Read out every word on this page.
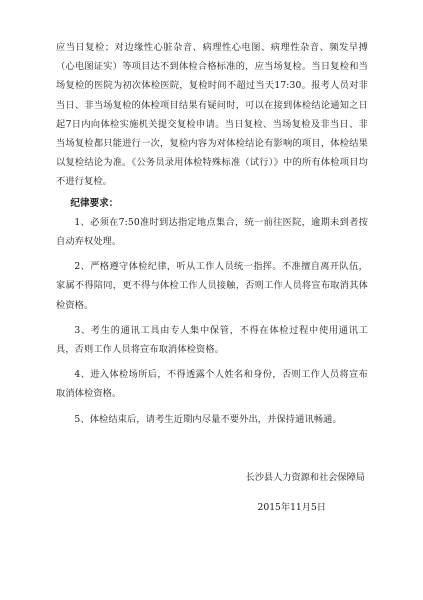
应当日复检；对边缘性心脏杂音、病理性心电图、病理性杂音、频发早搏（心电图证实）等项目达不到体检合格标准的，应当场复检。当日复检和当场复检的医院为初次体检医院，复检时间不超过当天17:30。报考人员对非当日、非当场复检的体检项目结果有疑问时，可以在接到体检结论通知之日起7日内向体检实施机关提交复检申请。当日复检、当场复检及非当日、非当场复检都只能进行一次，复检内容为对体检结论有影响的项目，体检结果以复检结论为准。《公务员录用体检特殊标准（试行）》中的所有体检项目均不进行复检。

纪律要求：

1、必须在7:50准时到达指定地点集合，统一前往医院，逾期未到者按自动弃权处理。

2、严格遵守体检纪律，听从工作人员统一指挥。不准擅自离开队伍，家属不得陪同，更不得与体检工作人员接触，否则工作人员将宣布取消其体检资格。

3、考生的通讯工具由专人集中保管，不得在体检过程中使用通讯工具，否则工作人员将宣布取消体检资格。

4、进入体检场所后，不得透露个人姓名和身份，否则工作人员将宣布取消体检资格。

5、体检结束后，请考生近期内尽量不要外出，并保持通讯畅通。

长沙县人力资源和社会保障局
2015年11月5日
